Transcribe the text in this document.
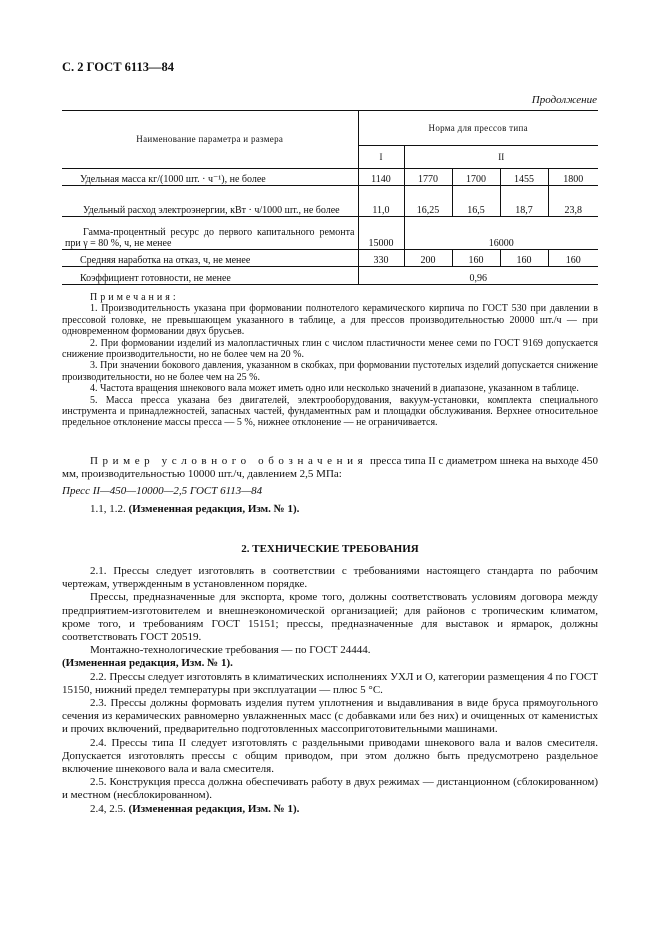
С. 2 ГОСТ 6113—84
Продолжение
Наименование параметра и размера	Норма для прессов типа				
	I	II			
Удельная масса кг/(1000 шт. · ч⁻¹), не более	1140	1770	1700	1455	1800
Удельный расход электроэнергии, кВт · ч/1000 шт., не более	11,0	16,25	16,5	18,7	23,8
Гамма-процентный ресурс до первого капитального ремонта при γ = 80 %, ч, не менее	15000	16000			
Средняя наработка на отказ, ч, не менее	330	200	160	160	160
Коэффициент готовности, не менее	0,96				

Примечания:

1. Производительность указана при формовании полнотелого керамического кирпича по ГОСТ 530 при давлении в прессовой головке, не превышающем указанного в таблице, а для прессов производительностью 20000 шт./ч — при одновременном формовании двух брусьев.

2. При формовании изделий из малопластичных глин с числом пластичности менее семи по ГОСТ 9169 допускается снижение производительности, но не более чем на 20 %.

3. При значении бокового давления, указанном в скобках, при формовании пустотелых изделий допускается снижение производительности, но не более чем на 25 %.

4. Частота вращения шнекового вала может иметь одно или несколько значений в диапазоне, указанном в таблице.

5. Масса пресса указана без двигателей, электрооборудования, вакуум-установки, комплекта специального инструмента и принадлежностей, запасных частей, фундаментных рам и площадки обслуживания. Верхнее относительное предельное отклонение массы пресса — 5 %, нижнее отклонение — не ограничивается.

Пример условного обозначения пресса типа II с диаметром шнека на выходе 450 мм, производительностью 10000 шт./ч, давлением 2,5 МПа:

Пресс II—450—10000—2,5 ГОСТ 6113—84

1.1, 1.2. (Измененная редакция, Изм. № 1).

2. ТЕХНИЧЕСКИЕ ТРЕБОВАНИЯ

2.1. Прессы следует изготовлять в соответствии с требованиями настоящего стандарта по рабочим чертежам, утвержденным в установленном порядке.

Прессы, предназначенные для экспорта, кроме того, должны соответствовать условиям договора между предприятием-изготовителем и внешнеэкономической организацией; для районов с тропическим климатом, кроме того, и требованиям ГОСТ 15151; прессы, предназначенные для выставок и ярмарок, должны соответствовать ГОСТ 20519.

Монтажно-технологические требования — по ГОСТ 24444.

(Измененная редакция, Изм. № 1).

2.2. Прессы следует изготовлять в климатических исполнениях УХЛ и О, категории размещения 4 по ГОСТ 15150, нижний предел температуры при эксплуатации — плюс 5 °С.

2.3. Прессы должны формовать изделия путем уплотнения и выдавливания в виде бруса прямоугольного сечения из керамических равномерно увлажненных масс (с добавками или без них) и очищенных от каменистых и прочих включений, предварительно подготовленных массоприготовительными машинами.

2.4. Прессы типа II следует изготовлять с раздельными приводами шнекового вала и валов смесителя. Допускается изготовлять прессы с общим приводом, при этом должно быть предусмотрено раздельное включение шнекового вала и вала смесителя.

2.5. Конструкция пресса должна обеспечивать работу в двух режимах — дистанционном (сблокированном) и местном (несблокированном).

2.4, 2.5. (Измененная редакция, Изм. № 1).
